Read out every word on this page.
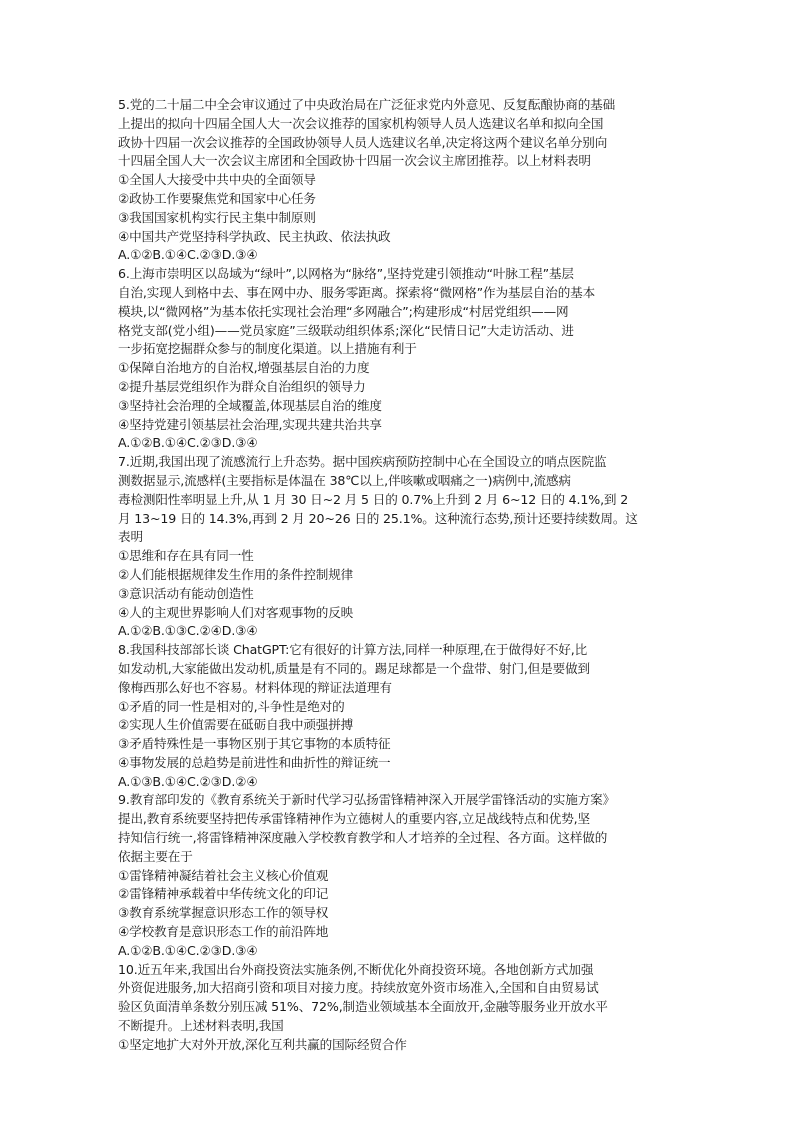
5.党的二十届二中全会审议通过了中央政治局在广泛征求党内外意见、反复酝酿协商的基础
上提出的拟向十四届全国人大一次会议推荐的国家机构领导人员人选建议名单和拟向全国
政协十四届一次会议推荐的全国政协领导人员人选建议名单,决定将这两个建议名单分别向
十四届全国人大一次会议主席团和全国政协十四届一次会议主席团推荐。以上材料表明
①全国人大接受中共中央的全面领导
②政协工作要聚焦党和国家中心任务
③我国国家机构实行民主集中制原则
④中国共产党坚持科学执政、民主执政、依法执政
A.①②B.①④C.②③D.③④
6.上海市崇明区以岛域为“绿叶”,以网格为“脉络”,坚持党建引领推动“叶脉工程”基层
自治,实现人到格中去、事在网中办、服务零距离。探索将“微网格”作为基层自治的基本
模块,以“微网格”为基本依托实现社会治理“多网融合”;构建形成“村居党组织——网
格党支部(党小组)——党员家庭”三级联动组织体系;深化“民情日记”大走访活动、进
一步拓宽挖掘群众参与的制度化渠道。以上措施有利于
①保障自治地方的自治权,增强基层自治的力度
②提升基层党组织作为群众自治组织的领导力
③坚持社会治理的全域覆盖,体现基层自治的维度
④坚持党建引领基层社会治理,实现共建共治共享
A.①②B.①④C.②③D.③④
7.近期,我国出现了流感流行上升态势。据中国疾病预防控制中心在全国设立的哨点医院监
测数据显示,流感样(主要指标是体温在 38℃以上,伴咳嗽或咽痛之一)病例中,流感病
毒检测阳性率明显上升,从 1 月 30 日~2 月 5 日的 0.7%上升到 2 月 6~12 日的 4.1%,到 2
月 13~19 日的 14.3%,再到 2 月 20~26 日的 25.1%。这种流行态势,预计还要持续数周。这
表明
①思维和存在具有同一性
②人们能根据规律发生作用的条件控制规律
③意识活动有能动创造性
④人的主观世界影响人们对客观事物的反映
A.①②B.①③C.②④D.③④
8.我国科技部部长谈 ChatGPT:它有很好的计算方法,同样一种原理,在于做得好不好,比
如发动机,大家能做出发动机,质量是有不同的。踢足球都是一个盘带、射门,但是要做到
像梅西那么好也不容易。材料体现的辩证法道理有
①矛盾的同一性是相对的,斗争性是绝对的
②实现人生价值需要在砥砺自我中顽强拼搏
③矛盾特殊性是一事物区别于其它事物的本质特征
④事物发展的总趋势是前进性和曲折性的辩证统一
A.①③B.①④C.②③D.②④
9.教育部印发的《教育系统关于新时代学习弘扬雷锋精神深入开展学雷锋活动的实施方案》
提出,教育系统要坚持把传承雷锋精神作为立德树人的重要内容,立足战线特点和优势,坚
持知信行统一,将雷锋精神深度融入学校教育教学和人才培养的全过程、各方面。这样做的
依据主要在于
①雷锋精神凝结着社会主义核心价值观
②雷锋精神承载着中华传统文化的印记
③教育系统掌握意识形态工作的领导权
④学校教育是意识形态工作的前沿阵地
A.①②B.①④C.②③D.③④
10.近五年来,我国出台外商投资法实施条例,不断优化外商投资环境。各地创新方式加强
外资促进服务,加大招商引资和项目对接力度。持续放宽外资市场准入,全国和自由贸易试
验区负面清单条数分别压减 51%、72%,制造业领域基本全面放开,金融等服务业开放水平
不断提升。上述材料表明,我国
①坚定地扩大对外开放,深化互利共赢的国际经贸合作
